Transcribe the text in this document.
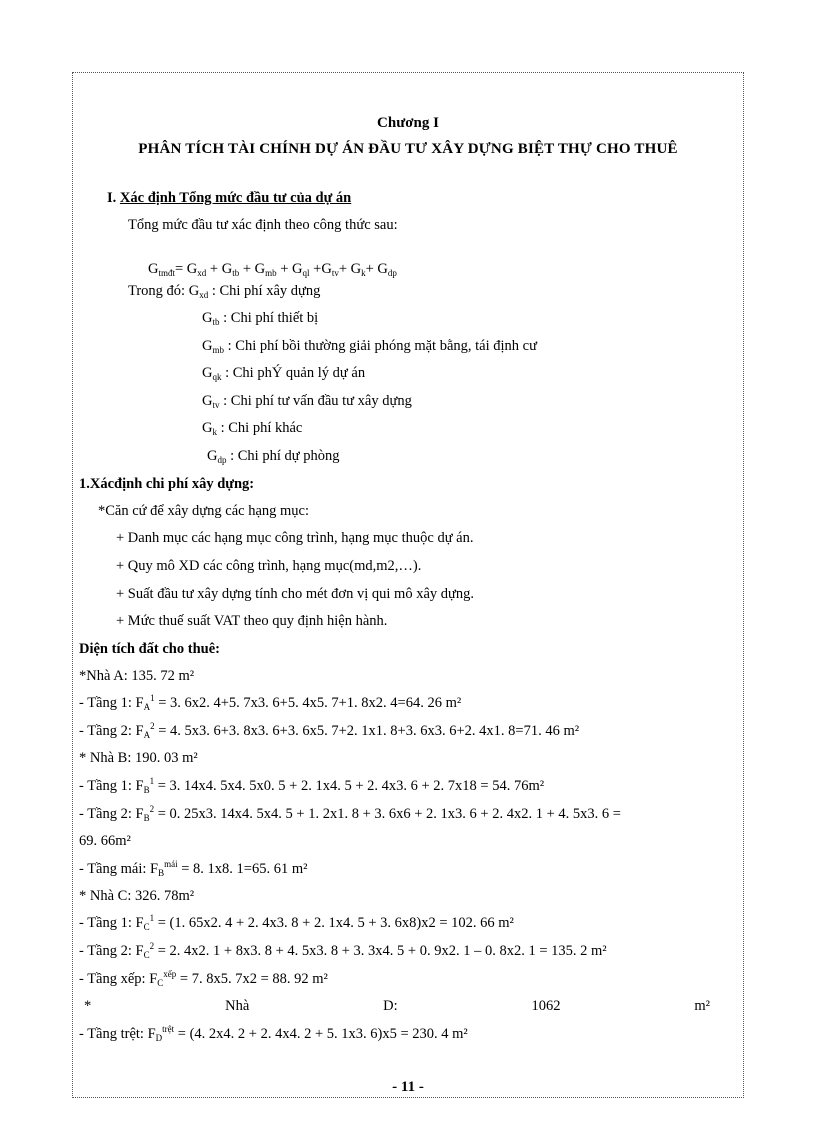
Chương I
PHÂN TÍCH TÀI CHÍNH DỰ ÁN ĐẦU TƯ XÂY DỰNG BIỆT THỰ CHO THUÊ
I. Xác định Tổng mức đầu tư của dự án
Tổng mức đầu tư xác định theo công thức sau:
$G_{tmđt}= G_{xd} + G_{tb} + G_{mb} + G_{ql} +G_{tv}+ G_k+ G_{dp}$
Trong đó: $G_{xd}$ : Chi phí xây dựng
$G_{tb}$ : Chi phí thiết bị
$G_{mb}$ : Chi phí bồi thường giải phóng mặt bằng, tái định cư
$G_{qk}$ : Chi phÝ quản lý dự án
$G_{tv}$ : Chi phí tư vấn đầu tư xây dựng
$G_k$ : Chi phí khác
$G_{dp}$ : Chi phí dự phòng
1.Xácđịnh chi phí xây dựng:
*Căn cứ để xây dựng các hạng mục:
+ Danh mục các hạng mục công trình, hạng mục thuộc dự án.
+ Quy mô XD các công trình, hạng mục(md,m2,…).
+ Suất đầu tư xây dựng tính cho mét đơn vị qui mô xây dựng.
+ Mức thuế suất VAT theo quy định hiện hành.
Diện tích đất cho thuê:
*Nhà A: 135. 72 m²
- Tầng 1: $F_A^1 = 3$. 6x2. 4+5. 7x3. 6+5. 4x5. 7+1. 8x2. 4=64. 26 m²
- Tầng 2: $F_A^2 = 4$. 5x3. 6+3. 8x3. 6+3. 6x5. 7+2. 1x1. 8+3. 6x3. 6+2. 4x1. 8=71. 46 m²
* Nhà B: 190. 03 m²
- Tầng 1: $F_B^1 = 3$. 14x4. 5x4. 5x0. 5 + 2. 1x4. 5 + 2. 4x3. 6 + 2. 7x18 = 54. 76m²
- Tầng 2: $F_B^2 = 0$. 25x3. 14x4. 5x4. 5 + 1. 2x1. 8 + 3. 6x6 + 2. 1x3. 6 + 2. 4x2. 1 + 4. 5x3. 6 =
69. 66m²
- Tầng mái: $F_B^{mái} = 8$. 1x8. 1=65. 61 m²
* Nhà C: 326. 78m²
- Tầng 1: $F_C^1 = (1$. 65x2. 4 + 2. 4x3. 8 + 2. 1x4. 5 + 3. 6x8)x2 = 102. 66 m²
- Tầng 2: $F_C^2 = 2$. 4x2. 1 + 8x3. 8 + 4. 5x3. 8 + 3. 3x4. 5 + 0. 9x2. 1 – 0. 8x2. 1 = 135. 2 m²
- Tầng xếp: $F_C^{xếp} = 7$. 8x5. 7x2 = 88. 92 m²
*	Nhà	D:	1062	m²
- Tầng trệt: $F_D^{trệt} = (4$. 2x4. 2 + 2. 4x4. 2 + 5. 1x3. 6)x5 = 230. 4 m²
- 11 -
